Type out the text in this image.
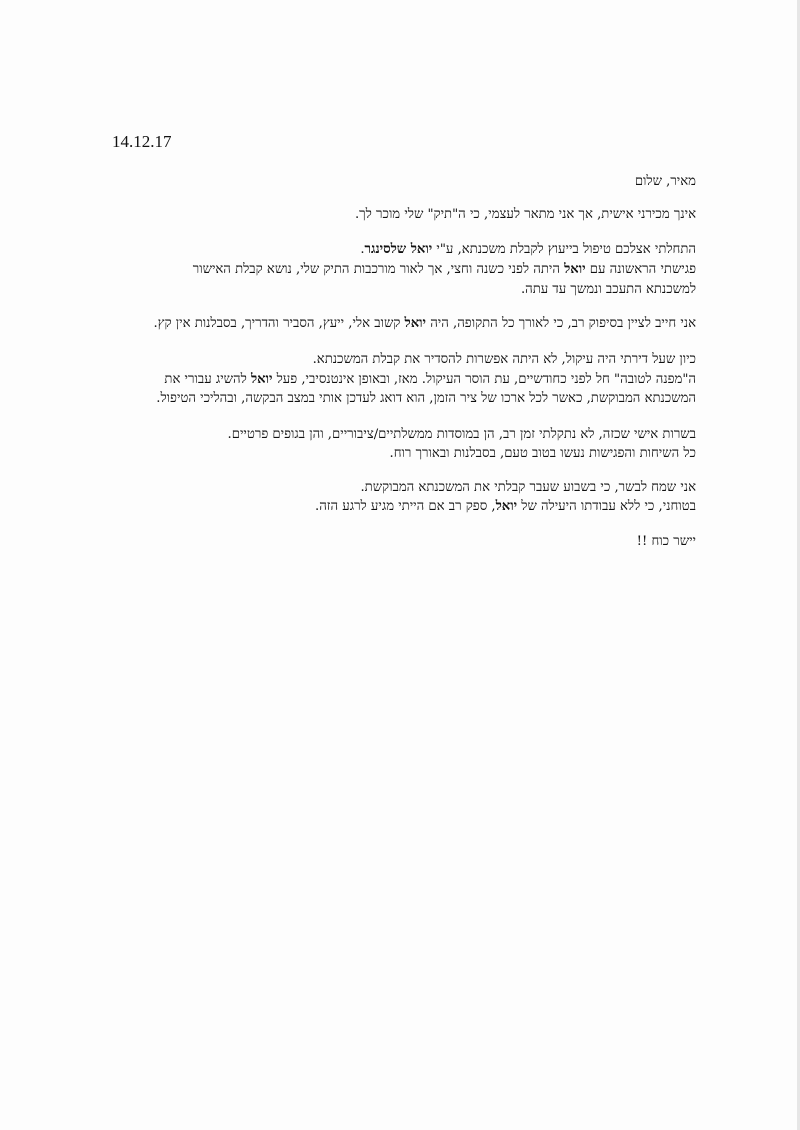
14.12.17
מאיר, שלום
אינך מכירני אישית, אך אני מתאר לעצמי, כי ה"תיק" שלי מוכר לך.
התחלתי אצלכם טיפול בייעוץ לקבלת משכנתא, ע"י יואל שלסינגר.
פגישתי הראשונה עם יואל היתה לפני כשנה וחצי, אך לאור מורכבות התיק שלי, נושא קבלת האישור
למשכנתא התעכב ונמשך עד עתה.
אני חייב לציין בסיפוק רב, כי לאורך כל התקופה, היה יואל קשוב אלי, ייעץ, הסביר והדריך, בסבלנות אין קץ.
כיון שעל דירתי היה עיקול, לא היתה אפשרות להסדיר את קבלת המשכנתא.
ה"מפנה לטובה" חל לפני כחודשיים, עת הוסר העיקול. מאז, ובאופן אינטנסיבי, פעל יואל להשיג עבורי את
המשכנתא המבוקשת, כאשר לכל ארכו של ציר הזמן, הוא דואג לעדכן אותי במצב הבקשה, ובהליכי הטיפול.
בשרות אישי שכזה, לא נתקלתי זמן רב, הן במוסדות ממשלתיים/ציבוריים, והן בגופים פרטיים.
כל השיחות והפגישות נעשו בטוב טעם, בסבלנות ובאורך רוח.
אני שמח לבשר, כי בשבוע שעבר קבלתי את המשכנתא המבוקשת.
בטוחני, כי ללא עבודתו היעילה של יואל, ספק רב אם הייתי מגיע לרגע הזה.
יישר כוח !!
